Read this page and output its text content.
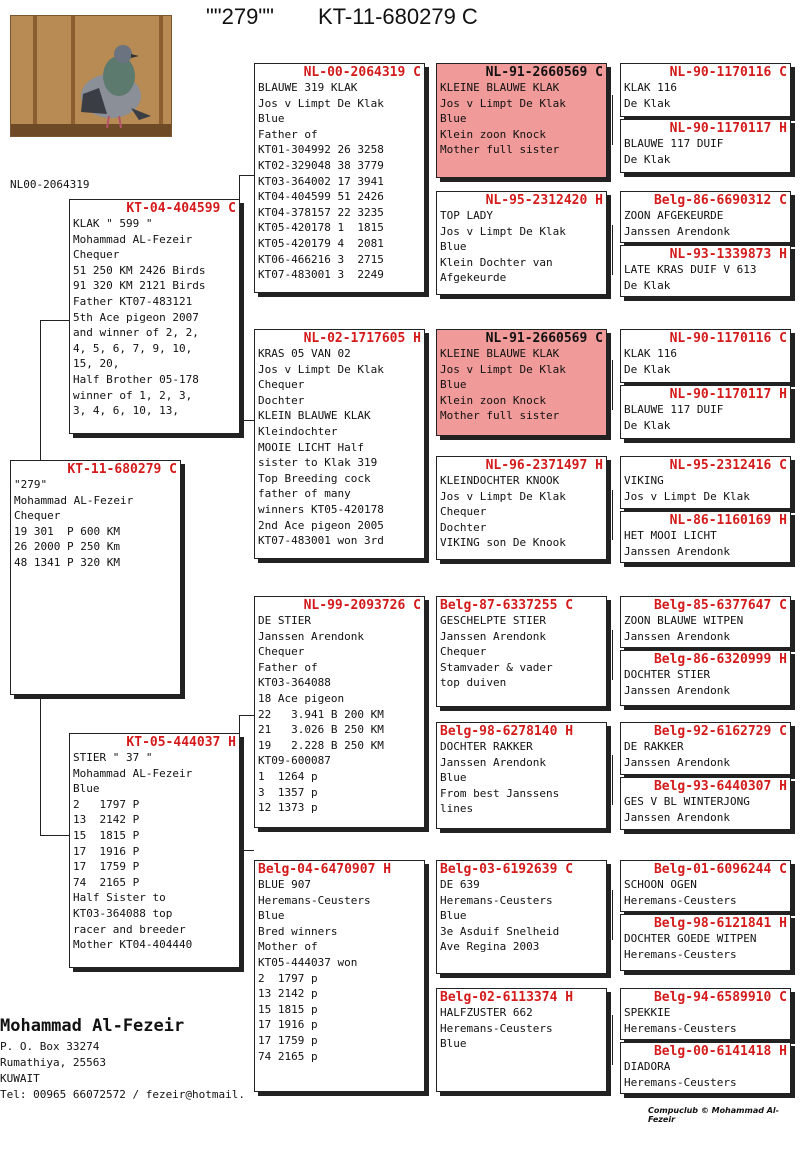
""279"" KT-11-680279 C
NL00-2064319
KT-04-404599 C
KLAK " 599 "
Mohammad AL-Fezeir
Chequer
51 250 KM 2426 Birds
91 320 KM 2121 Birds
Father KT07-483121
5th Ace pigeon 2007
and winner of 2, 2,
4, 5, 6, 7, 9, 10,
15, 20,
Half Brother 05-178
winner of 1, 2, 3,
3, 4, 6, 10, 13,
KT-11-680279 C
"279"
Mohammad AL-Fezeir
Chequer
19 301  P 600 KM
26 2000 P 250 Km
48 1341 P 320 KM
KT-05-444037 H
STIER " 37 "
Mohammad AL-Fezeir
Blue
2   1797 P
13  2142 P
15  1815 P
17  1916 P
17  1759 P
74  2165 P
Half Sister to
KT03-364088 top
racer and breeder
Mother KT04-404440
NL-00-2064319 C
BLAUWE 319 KLAK
Jos v Limpt De Klak
Blue
Father of
KT01-304992 26 3258
KT02-329048 38 3779
KT03-364002 17 3941
KT04-404599 51 2426
KT04-378157 22 3235
KT05-420178 1  1815
KT05-420179 4  2081
KT06-466216 3  2715
KT07-483001 3  2249
NL-02-1717605 H
KRAS 05 VAN 02
Jos v Limpt De Klak
Chequer
Dochter
KLEIN BLAUWE KLAK
Kleindochter
MOOIE LICHT Half
sister to Klak 319
Top Breeding cock
father of many
winners KT05-420178
2nd Ace pigeon 2005
KT07-483001 won 3rd
NL-99-2093726 C
DE STIER
Janssen Arendonk
Chequer
Father of
KT03-364088
18 Ace pigeon
22   3.941 B 200 KM
21   3.026 B 250 KM
19   2.228 B 250 KM
KT09-600087
1  1264 p
3  1357 p
12 1373 p
Belg-04-6470907 H
BLUE 907
Heremans-Ceusters
Blue
Bred winners
Mother of
KT05-444037 won
2  1797 p
13 2142 p
15 1815 p
17 1916 p
17 1759 p
74 2165 p
NL-91-2660569 C
KLEINE BLAUWE KLAK
Jos v Limpt De Klak
Blue
Klein zoon Knock
Mother full sister
NL-95-2312420 H
TOP LADY
Jos v Limpt De Klak
Blue
Klein Dochter van
Afgekeurde
NL-91-2660569 C
KLEINE BLAUWE KLAK
Jos v Limpt De Klak
Blue
Klein zoon Knock
Mother full sister
NL-96-2371497 H
KLEINDOCHTER KNOOK
Jos v Limpt De Klak
Chequer
Dochter
VIKING son De Knook
Belg-87-6337255 C
GESCHELPTE STIER
Janssen Arendonk
Chequer
Stamvader & vader
top duiven
Belg-98-6278140 H
DOCHTER RAKKER
Janssen Arendonk
Blue
From best Janssens
lines
Belg-03-6192639 C
DE 639
Heremans-Ceusters
Blue
3e Asduif Snelheid
Ave Regina 2003
Belg-02-6113374 H
HALFZUSTER 662
Heremans-Ceusters
Blue
NL-90-1170116 C
KLAK 116
De Klak
NL-90-1170117 H
BLAUWE 117 DUIF
De Klak
Belg-86-6690312 C
ZOON AFGEKEURDE
Janssen Arendonk
NL-93-1339873 H
LATE KRAS DUIF V 613
De Klak
NL-90-1170116 C
KLAK 116
De Klak
NL-90-1170117 H
BLAUWE 117 DUIF
De Klak
NL-95-2312416 C
VIKING
Jos v Limpt De Klak
NL-86-1160169 H
HET MOOI LICHT
Janssen Arendonk
Belg-85-6377647 C
ZOON BLAUWE WITPEN
Janssen Arendonk
Belg-86-6320999 H
DOCHTER STIER
Janssen Arendonk
Belg-92-6162729 C
DE RAKKER
Janssen Arendonk
Belg-93-6440307 H
GES V BL WINTERJONG
Janssen Arendonk
Belg-01-6096244 C
SCHOON OGEN
Heremans-Ceusters
Belg-98-6121841 H
DOCHTER GOEDE WITPEN
Heremans-Ceusters
Belg-94-6589910 C
SPEKKIE
Heremans-Ceusters
Belg-00-6141418 H
DIADORA
Heremans-Ceusters
Mohammad Al-Fezeir
P. O. Box 33274
Rumathiya, 25563
KUWAIT
Tel: 00965 66072572 / fezeir@hotmail.
Compuclub © Mohammad Al-Fezeir
